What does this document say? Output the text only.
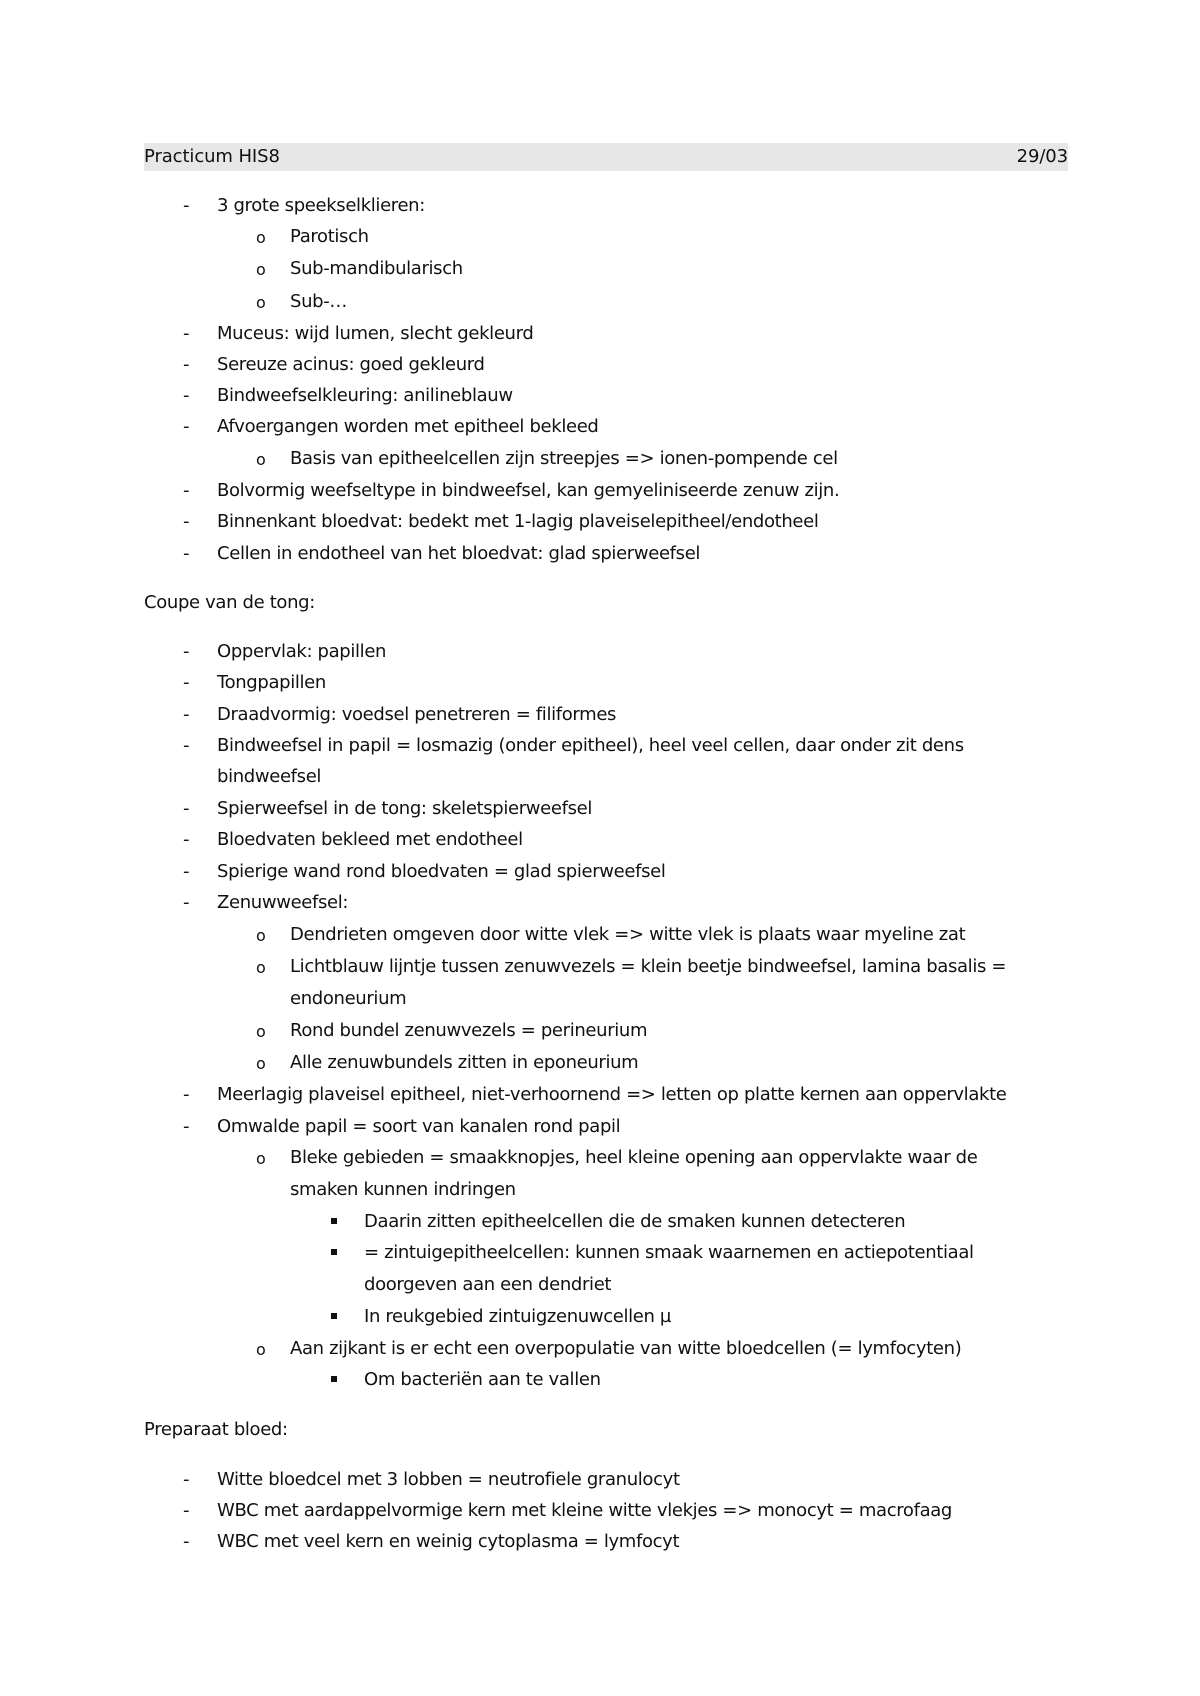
Practicum HIS8	29/03
- 3 grote speekselklieren:
o Parotisch
o Sub-mandibularisch
o Sub-…
- Muceus: wijd lumen, slecht gekleurd
- Sereuze acinus: goed gekleurd
- Bindweefselkleuring: anilineblauw
- Afvoergangen worden met epitheel bekleed
o Basis van epitheelcellen zijn streepjes => ionen-pompende cel
- Bolvormig weefseltype in bindweefsel, kan gemyeliniseerde zenuw zijn.
- Binnenkant bloedvat: bedekt met 1-lagig plaveiselepitheel/endotheel
- Cellen in endotheel van het bloedvat: glad spierweefsel
Coupe van de tong:
- Oppervlak: papillen
- Tongpapillen
- Draadvormig: voedsel penetreren = filiformes
- Bindweefsel in papil = losmazig (onder epitheel), heel veel cellen, daar onder zit dens
bindweefsel
- Spierweefsel in de tong: skeletspierweefsel
- Bloedvaten bekleed met endotheel
- Spierige wand rond bloedvaten = glad spierweefsel
- Zenuwweefsel:
o Dendrieten omgeven door witte vlek => witte vlek is plaats waar myeline zat
o Lichtblauw lijntje tussen zenuwvezels = klein beetje bindweefsel, lamina basalis =
endoneurium
o Rond bundel zenuwvezels = perineurium
o Alle zenuwbundels zitten in eponeurium
- Meerlagig plaveisel epitheel, niet-verhoornend => letten op platte kernen aan oppervlakte
- Omwalde papil = soort van kanalen rond papil
o Bleke gebieden = smaakknopjes, heel kleine opening aan oppervlakte waar de
smaken kunnen indringen
Daarin zitten epitheelcellen die de smaken kunnen detecteren
= zintuigepitheelcellen: kunnen smaak waarnemen en actiepotentiaal
doorgeven aan een dendriet
In reukgebied zintuigzenuwcellen µ
o Aan zijkant is er echt een overpopulatie van witte bloedcellen (= lymfocyten)
Om bacteriën aan te vallen
Preparaat bloed:
- Witte bloedcel met 3 lobben = neutrofiele granulocyt
- WBC met aardappelvormige kern met kleine witte vlekjes => monocyt = macrofaag
- WBC met veel kern en weinig cytoplasma = lymfocyt
